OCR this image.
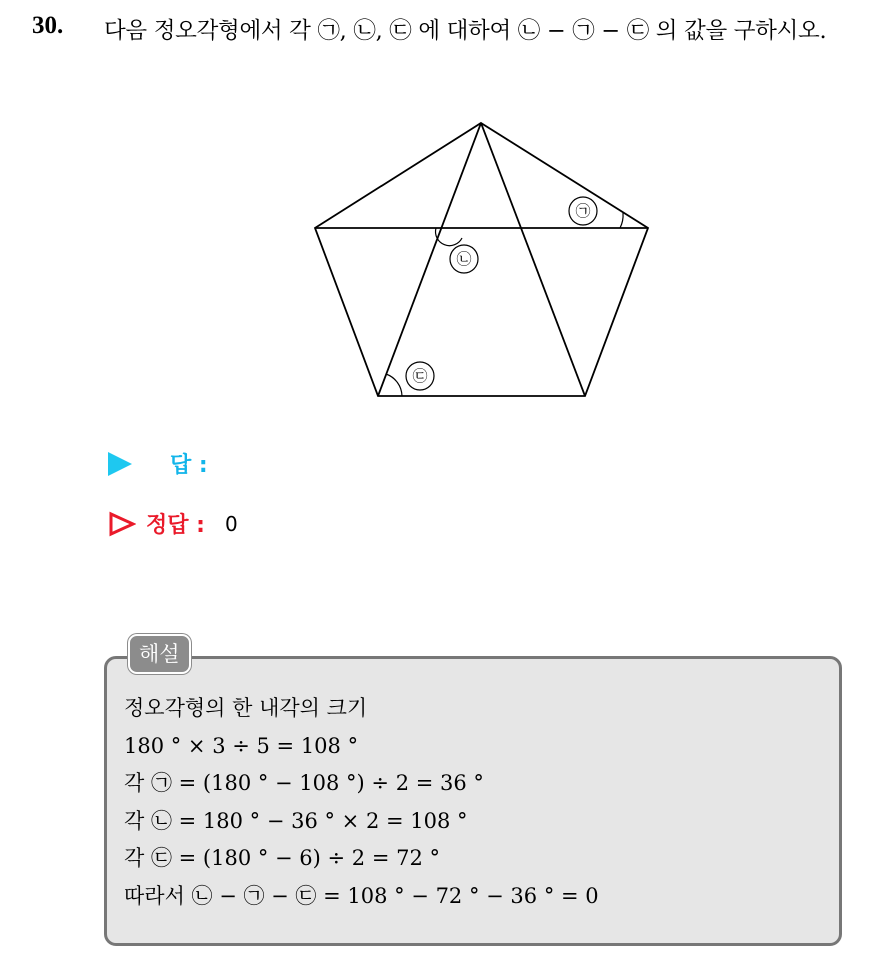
30. 다음 정오각형에서 각 ㉠, ㉡, ㉢ 에 대하여 ㉡ − ㉠ − ㉢ 의 값을 구하시오.
㉠
㉡
㉢
답 :
정답 : 0
해설
정오각형의 한 내각의 크기
180 ° × 3 ÷ 5 = 108 °
각 ㉠ = (180 ° − 108 °) ÷ 2 = 36 °
각 ㉡ = 180 ° − 36 ° × 2 = 108 °
각 ㉢ = (180 ° − 6) ÷ 2 = 72 °
따라서 ㉡ − ㉠ − ㉢ = 108 ° − 72 ° − 36 ° = 0
